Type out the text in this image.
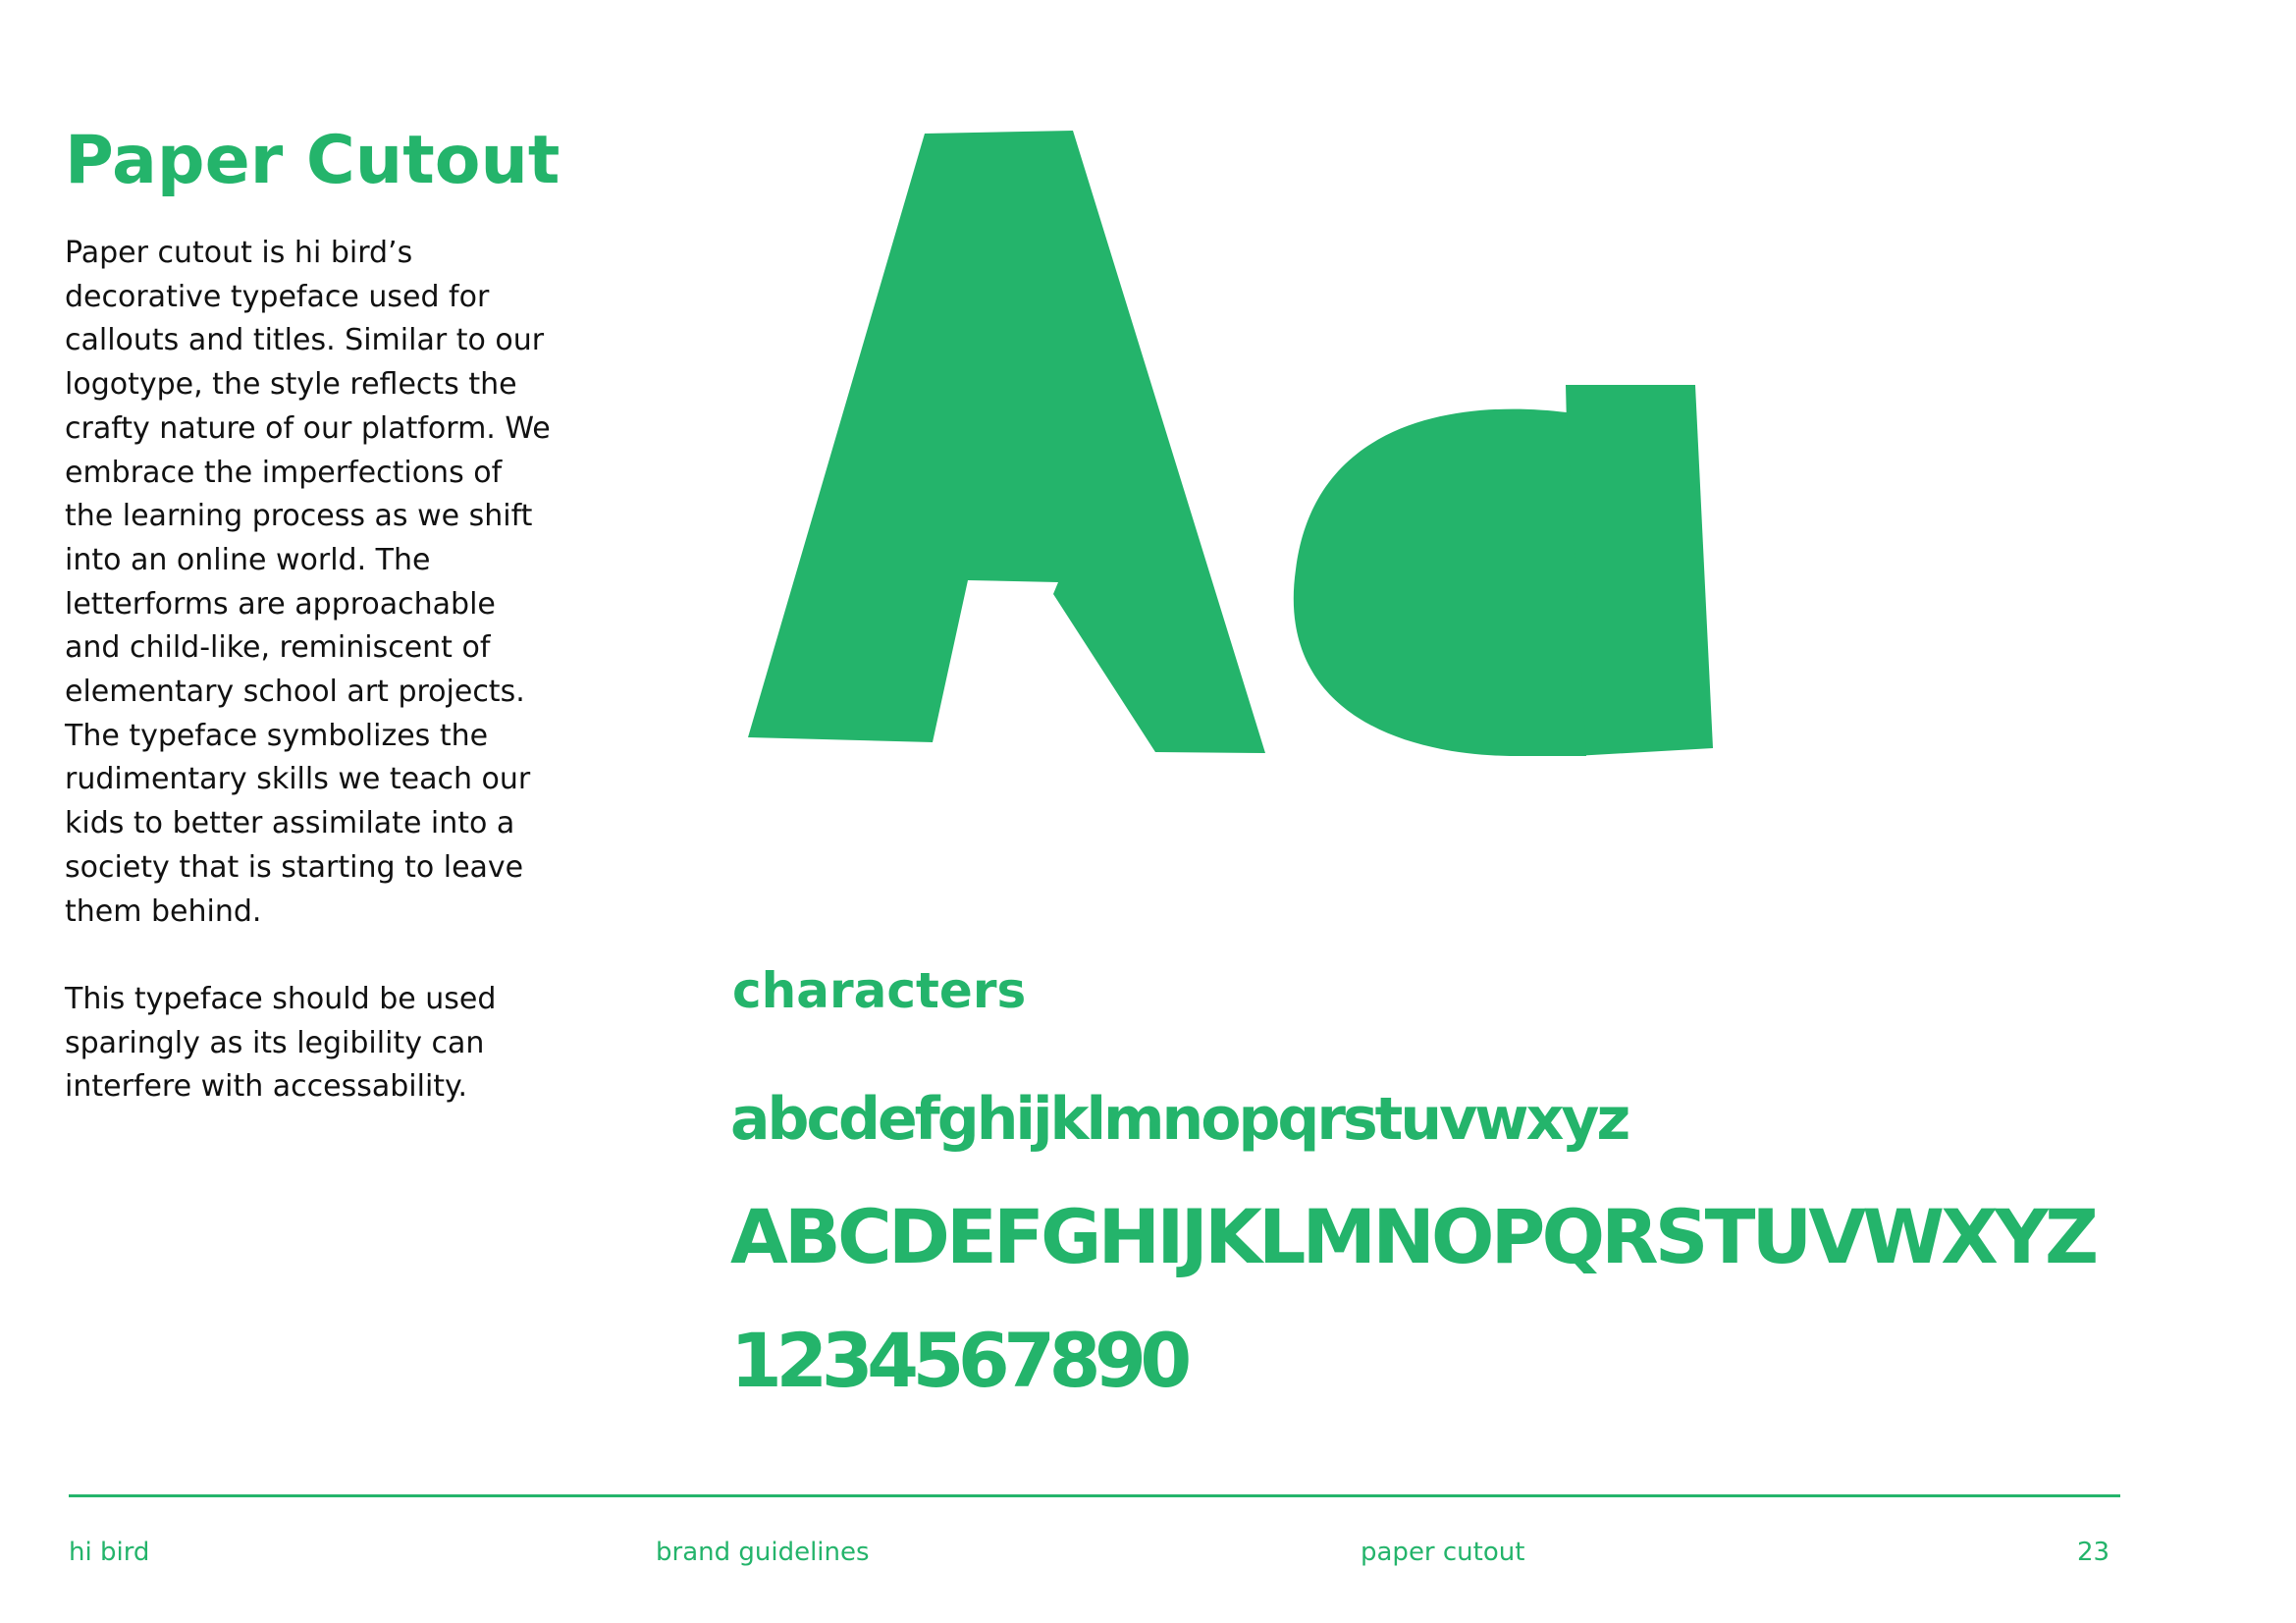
Paper Cutout

Paper cutout is hi bird’s decorative typeface used for callouts and titles. Similar to our logotype, the style reflects the crafty nature of our platform. We embrace the imperfections of the learning process as we shift into an online world. The letterforms are approachable and child-like, reminiscent of elementary school art projects. The typeface symbolizes the rudimentary skills we teach our kids to better assimilate into a society that is starting to leave them behind.

This typeface should be used sparingly as its legibility can interfere with accessability.

characters
abcdefghijklmnopqrstuvwxyz
ABCDEFGHIJKLMNOPQRSTUVWXYZ
1234567890
hi bird	brand guidelines	paper cutout	23
